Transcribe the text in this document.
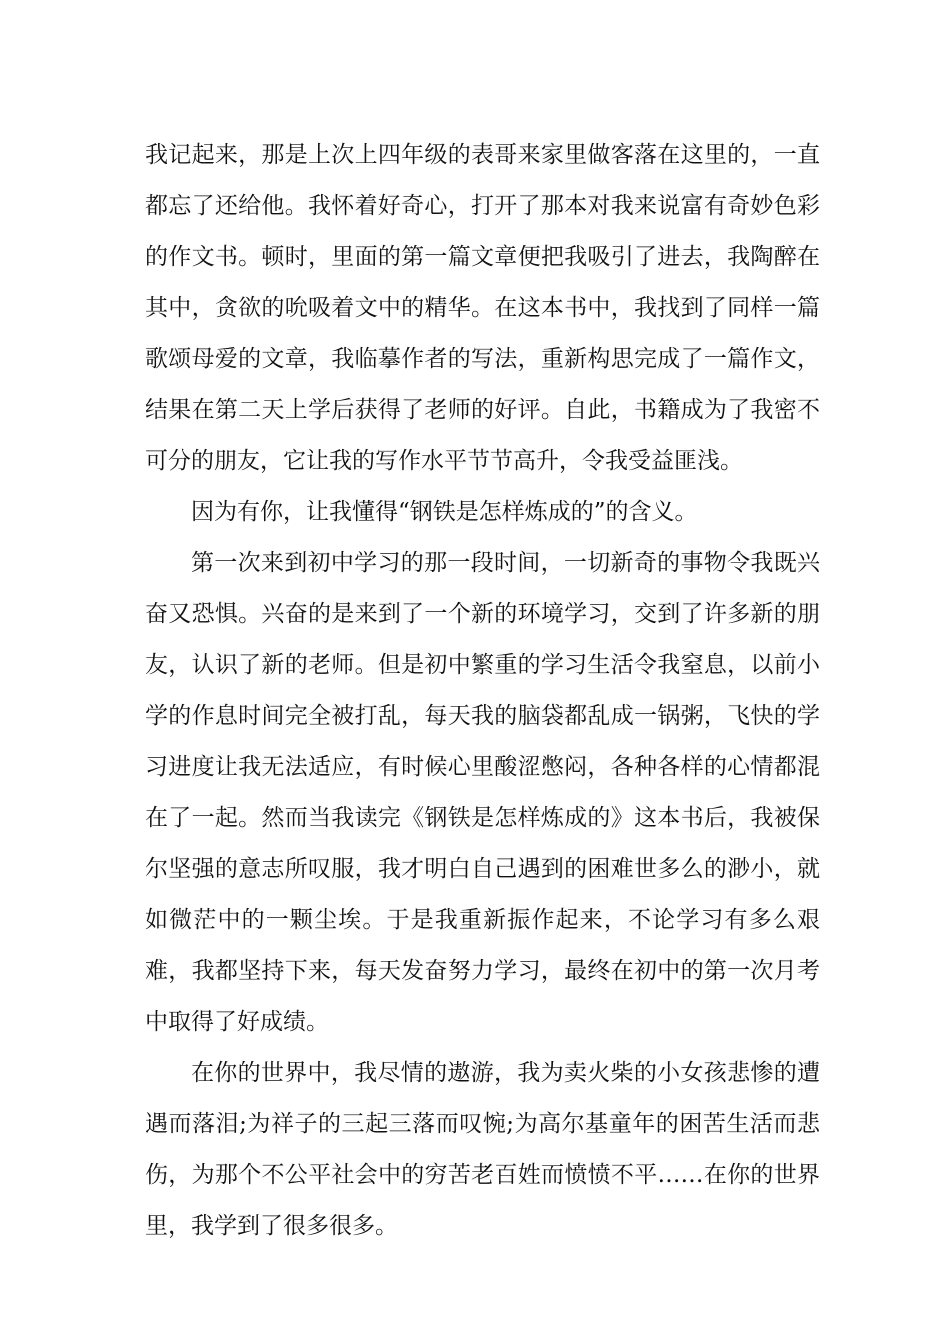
我记起来，那是上次上四年级的表哥来家里做客落在这里的，一直都忘了还给他。我怀着好奇心，打开了那本对我来说富有奇妙色彩的作文书。顿时，里面的第一篇文章便把我吸引了进去，我陶醉在其中，贪欲的吮吸着文中的精华。在这本书中，我找到了同样一篇歌颂母爱的文章，我临摹作者的写法，重新构思完成了一篇作文，结果在第二天上学后获得了老师的好评。自此，书籍成为了我密不可分的朋友，它让我的写作水平节节高升，令我受益匪浅。

因为有你，让我懂得“钢铁是怎样炼成的”的含义。

第一次来到初中学习的那一段时间，一切新奇的事物令我既兴奋又恐惧。兴奋的是来到了一个新的环境学习，交到了许多新的朋友，认识了新的老师。但是初中繁重的学习生活令我窒息，以前小学的作息时间完全被打乱，每天我的脑袋都乱成一锅粥，飞快的学习进度让我无法适应，有时候心里酸涩憋闷，各种各样的心情都混在了一起。然而当我读完《钢铁是怎样炼成的》这本书后，我被保尔坚强的意志所叹服，我才明白自己遇到的困难世多么的渺小，就如微茫中的一颗尘埃。于是我重新振作起来，不论学习有多么艰难，我都坚持下来，每天发奋努力学习，最终在初中的第一次月考中取得了好成绩。

在你的世界中，我尽情的遨游，我为卖火柴的小女孩悲惨的遭遇而落泪;为祥子的三起三落而叹惋;为高尔基童年的困苦生活而悲伤，为那个不公平社会中的穷苦老百姓而愤愤不平……在你的世界里，我学到了很多很多。
